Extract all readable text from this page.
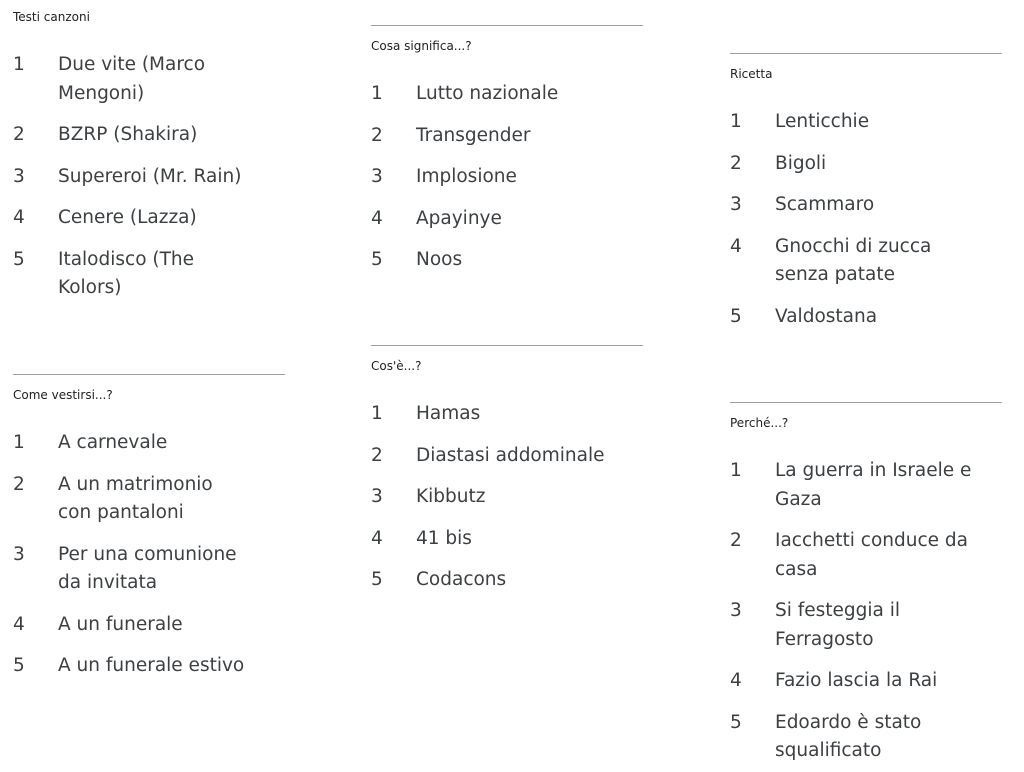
Testi canzoni
1	Due vite (Marco Mengoni)
2	BZRP (Shakira)
3	Supereroi (Mr. Rain)
4	Cenere (Lazza)
5	Italodisco (The Kolors)
Come vestirsi...?
1	A carnevale
2	A un matrimonio con pantaloni
3	Per una comunione da invitata
4	A un funerale
5	A un funerale estivo
Cosa significa...?
1	Lutto nazionale
2	Transgender
3	Implosione
4	Apayinye
5	Noos
Cos'è...?
1	Hamas
2	Diastasi addominale
3	Kibbutz
4	41 bis
5	Codacons
Ricetta
1	Lenticchie
2	Bigoli
3	Scammaro
4	Gnocchi di zucca senza patate
5	Valdostana
Perché...?
1	La guerra in Israele e Gaza
2	Iacchetti conduce da casa
3	Si festeggia il Ferragosto
4	Fazio lascia la Rai
5	Edoardo è stato squalificato
